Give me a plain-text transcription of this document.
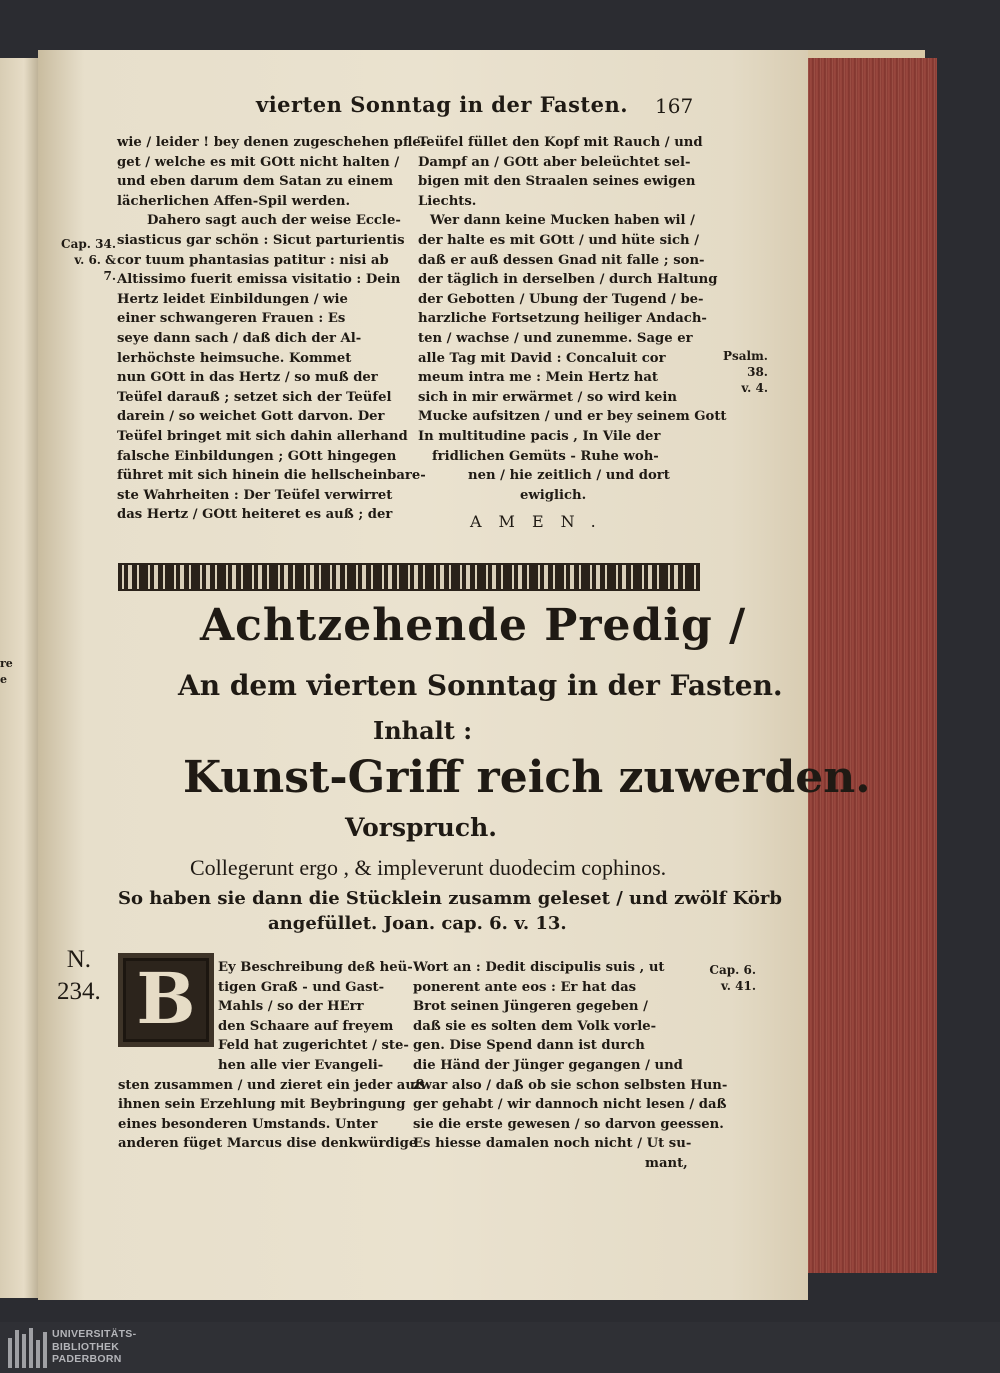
re
e
vierten Sonntag in der Fasten. 167
Cap. 34.
v. 6. & 7.
wie / leider ! bey denen zugeschehen pfle-
get / welche es mit GOtt nicht halten /
und eben darum dem Satan zu einem
lächerlichen Affen-Spil werden.
Dahero sagt auch der weise Eccle-
siasticus gar schön : Sicut parturientis
cor tuum phantasias patitur : nisi ab
Altissimo fuerit emissa visitatio : Dein
Hertz leidet Einbildungen / wie
einer schwangeren Frauen : Es
seye dann sach / daß dich der Al-
lerhöchste heimsuche. Kommet
nun GOtt in das Hertz / so muß der
Teüfel darauß ; setzet sich der Teüfel
darein / so weichet Gott darvon. Der
Teüfel bringet mit sich dahin allerhand
falsche Einbildungen ; GOtt hingegen
führet mit sich hinein die hellscheinbare-
ste Wahrheiten : Der Teüfel verwirret
das Hertz / GOtt heiteret es auß ; der
Teüfel füllet den Kopf mit Rauch / und
Dampf an / GOtt aber beleüchtet sel-
bigen mit den Straalen seines ewigen
Liechts.
Wer dann keine Mucken haben wil /
der halte es mit GOtt / und hüte sich /
daß er auß dessen Gnad nit falle ; son-
der täglich in derselben / durch Haltung
der Gebotten / Ubung der Tugend / be-
harzliche Fortsetzung heiliger Andach-
ten / wachse / und zunemme. Sage er
alle Tag mit David : Concaluit cor
meum intra me : Mein Hertz hat
sich in mir erwärmet / so wird kein
Mucke aufsitzen / und er bey seinem Gott
In multitudine pacis , In Vile der
fridlichen Gemüts - Ruhe woh-
nen / hie zeitlich / und dort
ewiglich.
Psalm. 38.
v. 4.
AMEN.
Achtzehende Predig /
An dem vierten Sonntag in der Fasten.
Inhalt :
Kunst-Griff reich zuwerden.
Vorspruch.
Collegerunt ergo , & impleverunt duodecim cophinos.
So haben sie dann die Stücklein zusamm geleset / und zwölf Körb
angefüllet. Joan. cap. 6. v. 13.
N.
234. B	Ey Beschreibung deß heü-
tigen Graß - und Gast-
Mahls / so der HErr
den Schaare auf freyem
Feld hat zugerichtet / ste-
hen alle vier Evangeli-
sten zusammen / und zieret ein jeder auß
ihnen sein Erzehlung mit Beybringung
eines besonderen Umstands. Unter
anderen füget Marcus dise denkwürdige
Wort an : Dedit discipulis suis , ut
ponerent ante eos : Er hat das
Brot seinen Jüngeren gegeben /
daß sie es solten dem Volk vorle-
gen. Dise Spend dann ist durch
die Händ der Jünger gegangen / und
zwar also / daß ob sie schon selbsten Hun-
ger gehabt / wir dannoch nicht lesen / daß
sie die erste gewesen / so darvon geessen.
Es hiesse damalen noch nicht / Ut su-
mant,
Cap. 6.
v. 41.
UNIVERSITÄTS-
BIBLIOTHEK
PADERBORN
